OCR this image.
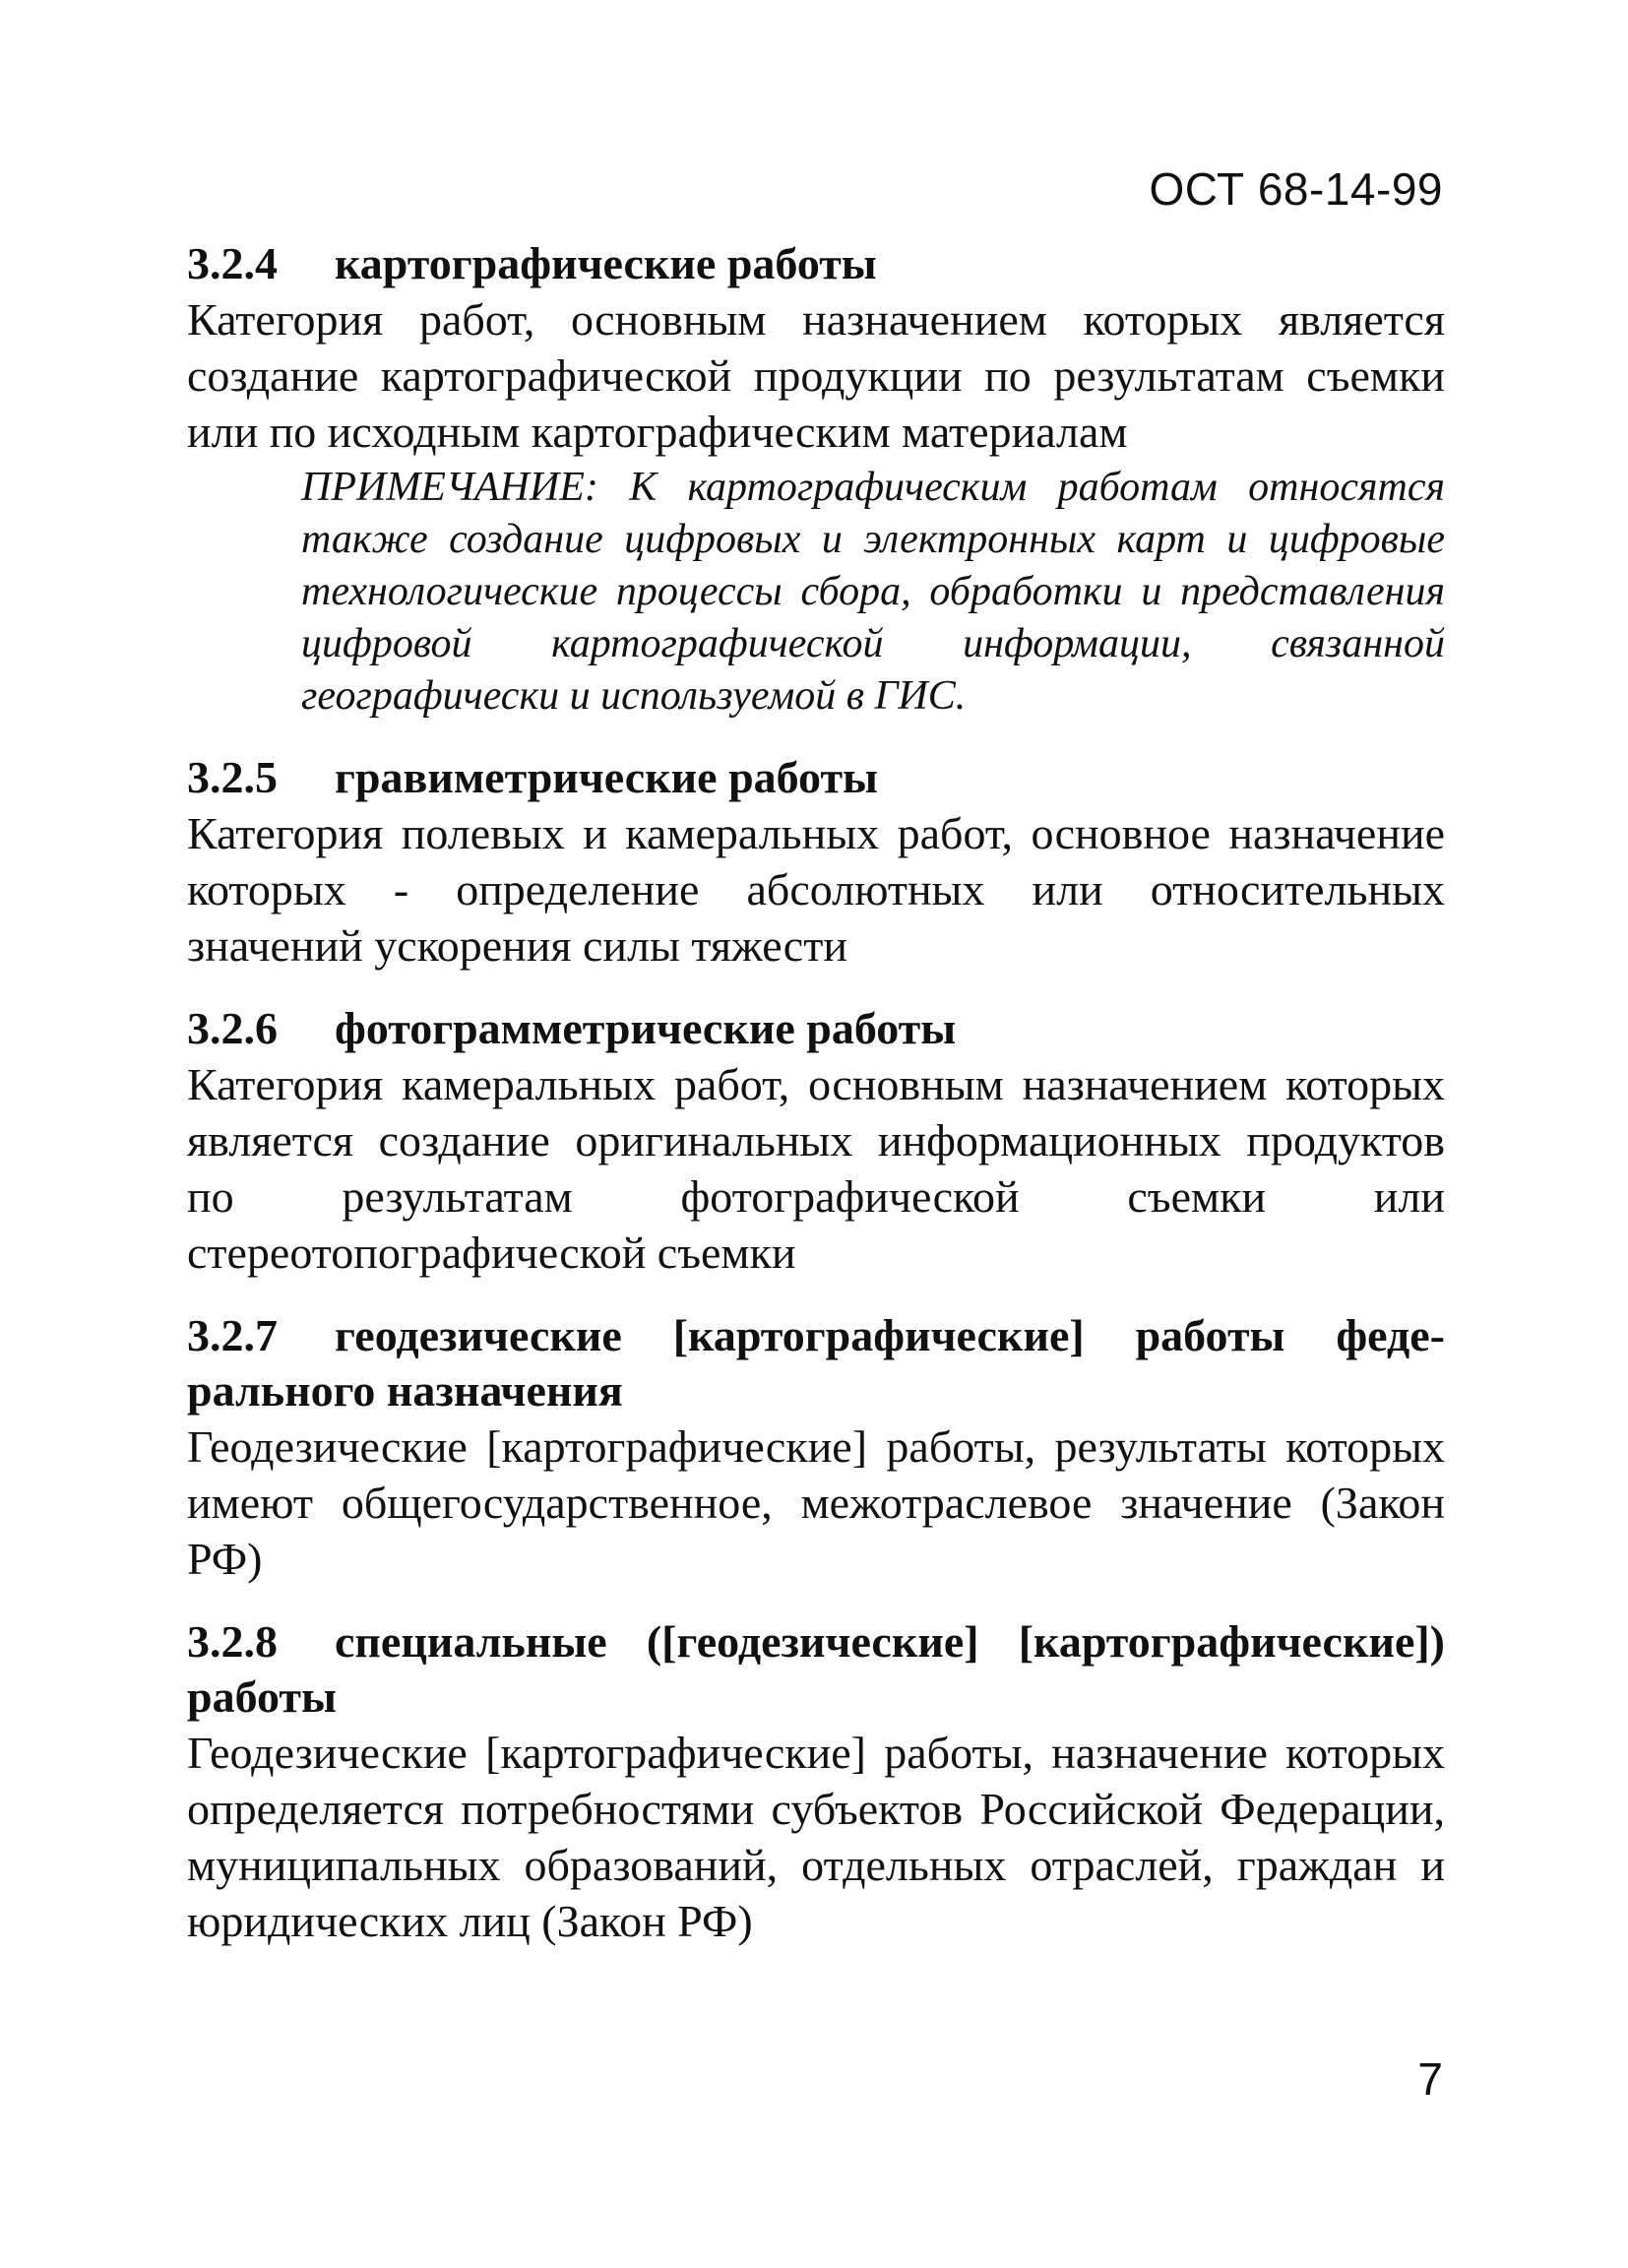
ОСТ 68-14-99
3.2.4 картографические работы
Категория работ, основным назначением которых является создание картографической продукции по результатам съемки или по исходным картографическим материалам
ПРИМЕЧАНИЕ: К картографическим работам относятся также создание цифровых и электронных карт и цифровые технологические процессы сбора, обработки и представления цифровой картографической информации, связанной географически и используемой в ГИС.
3.2.5 гравиметрические работы
Категория полевых и камеральных работ, основное назначение которых - определение абсолютных или относительных значений ускорения силы тяжести
3.2.6 фотограмметрические работы
Категория камеральных работ, основным назначением которых является создание оригинальных информационных продуктов по результатам фотографической съемки или стереотопографической съемки
3.2.7 геодезические [картографические] работы федерального назначения
Геодезические [картографические] работы, результаты которых имеют общегосударственное, межотраслевое значение (Закон РФ)
3.2.8 специальные ([геодезические] [картографические]) работы
Геодезические [картографические] работы, назначение которых определяется потребностями субъектов Российской Федерации, муниципальных образований, отдельных отраслей, граждан и юридических лиц (Закон РФ)
7
